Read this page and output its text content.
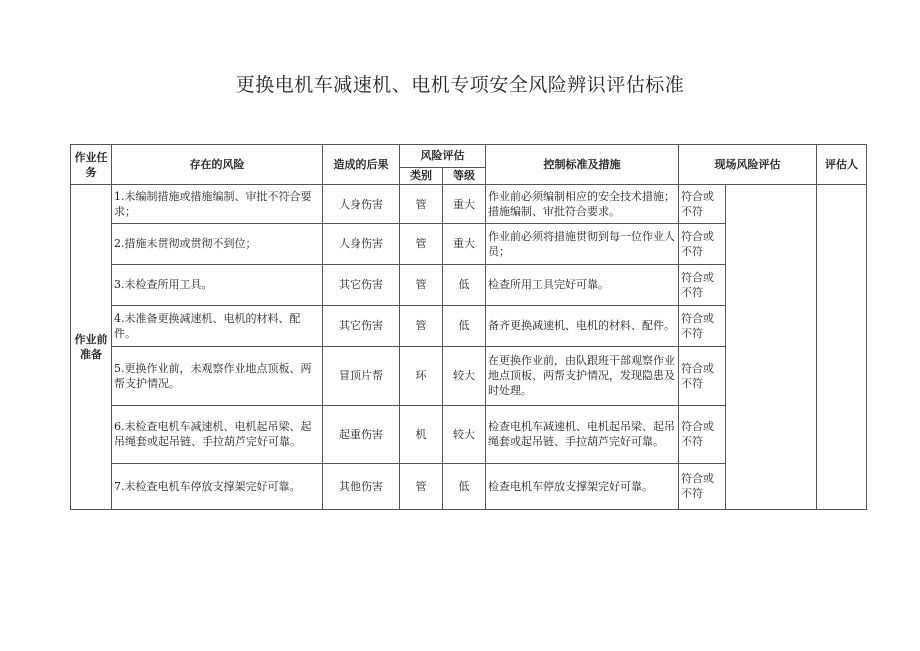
更换电机车减速机、电机专项安全风险辨识评估标准
作业任务	存在的风险	造成的后果	风险评估		控制标准及措施	现场风险评估		评估人
			类别	等级				
作业前准备	1.未编制措施或措施编制、审批不符合要求；	人身伤害	管	重大	作业前必须编制相应的安全技术措施；措施编制、审批符合要求。	符合或不符		
	2.措施未贯彻或贯彻不到位；	人身伤害	管	重大	作业前必须将措施贯彻到每一位作业人员；	符合或不符		
	3.未检查所用工具。	其它伤害	管	低	检查所用工具完好可靠。	符合或不符		
	4.未准备更换减速机、电机的材料、配件。	其它伤害	管	低	备齐更换减速机、电机的材料、配件。	符合或不符		
	5.更换作业前，未观察作业地点顶板、两帮支护情况。	冒顶片帮	环	较大	在更换作业前，由队跟班干部观察作业地点顶板、两帮支护情况，发现隐患及时处理。	符合或不符		
	6.未检查电机车减速机、电机起吊梁、起吊绳套或起吊链、手拉葫芦完好可靠。	起重伤害	机	较大	检查电机车减速机、电机起吊梁、起吊绳套或起吊链、手拉葫芦完好可靠。	符合或不符		
	7.未检查电机车停放支撑架完好可靠。	其他伤害	管	低	检查电机车停放支撑架完好可靠。	符合或不符		
